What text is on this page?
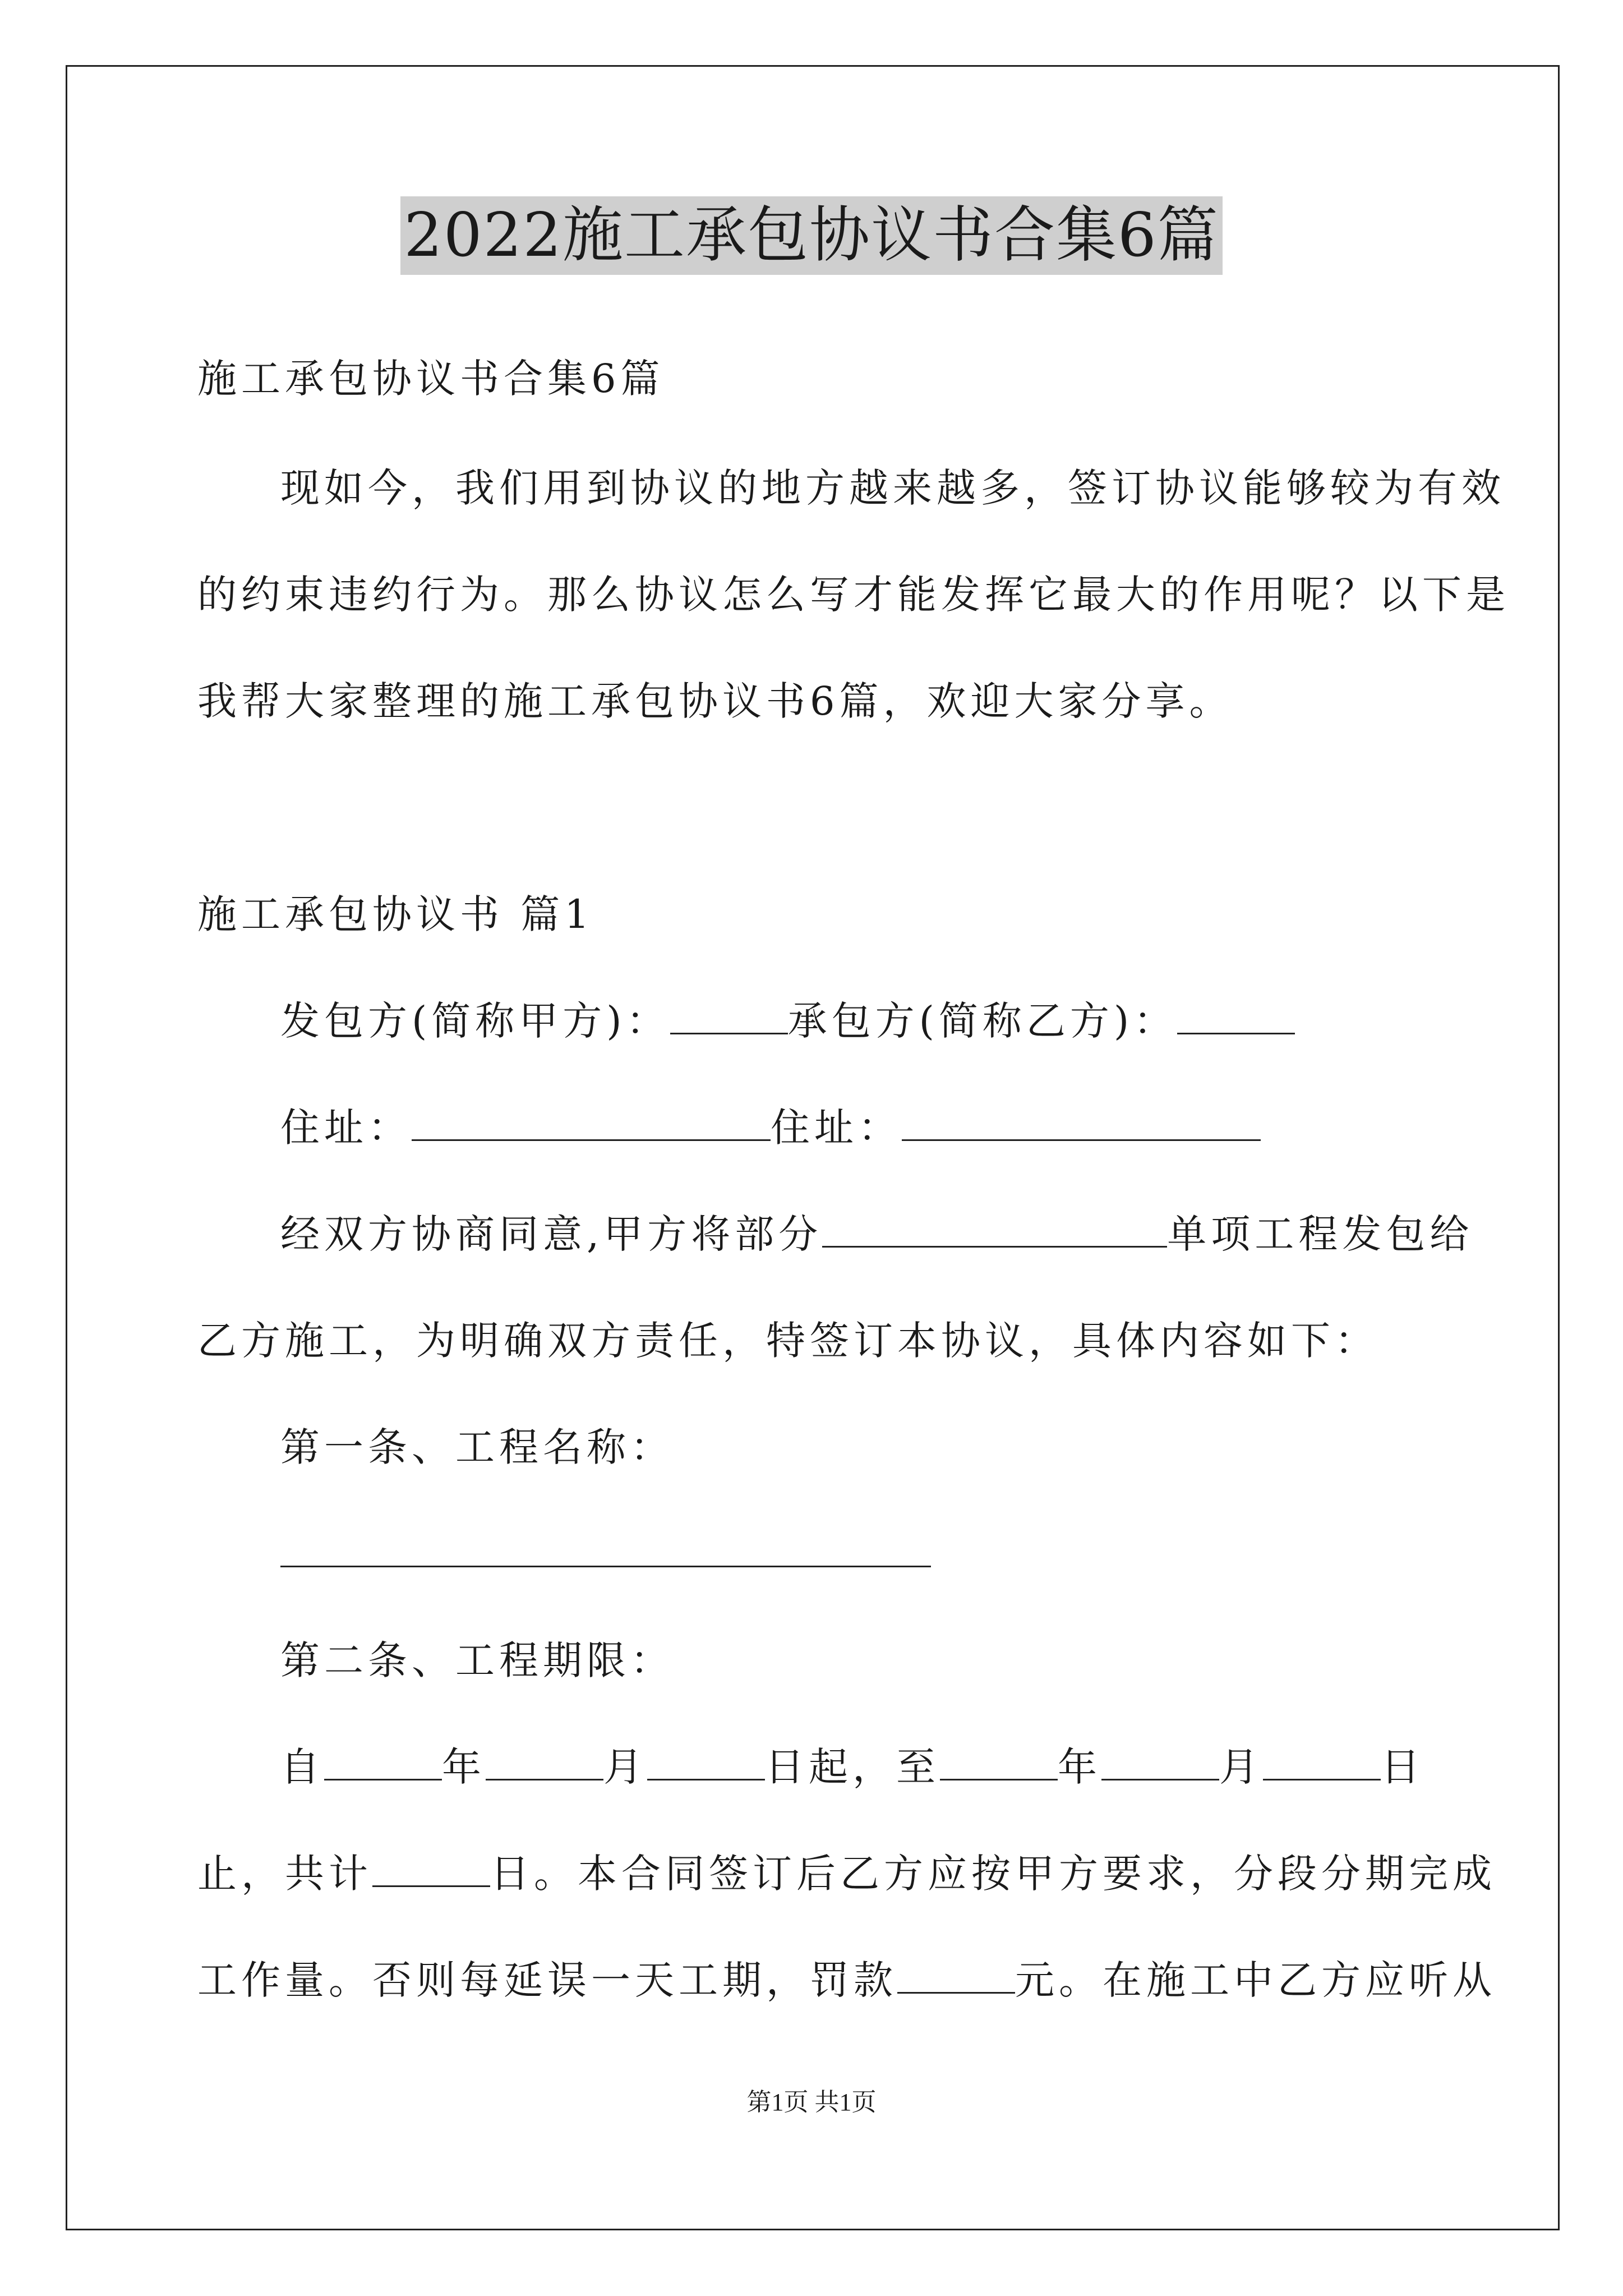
2022施工承包协议书合集6篇
施工承包协议书合集6篇
现如今，我们用到协议的地方越来越多，签订协议能够较为有效
的约束违约行为。那么协议怎么写才能发挥它最大的作用呢？以下是
我帮大家整理的施工承包协议书6篇，欢迎大家分享。
施工承包协议书 篇1
发包方(简称甲方)：	承包方(简称乙方)：
住址：	住址：
经双方协商同意,甲方将部分	单项工程发包给
乙方施工，为明确双方责任，特签订本协议，具体内容如下：
第一条、工程名称：
第二条、工程期限：
自	年	月	日起，至	年	月	日
止，共计	日。本合同签订后乙方应按甲方要求，分段分期完成
工作量。否则每延误一天工期，罚款	元。在施工中乙方应听从
第1页 共1页
